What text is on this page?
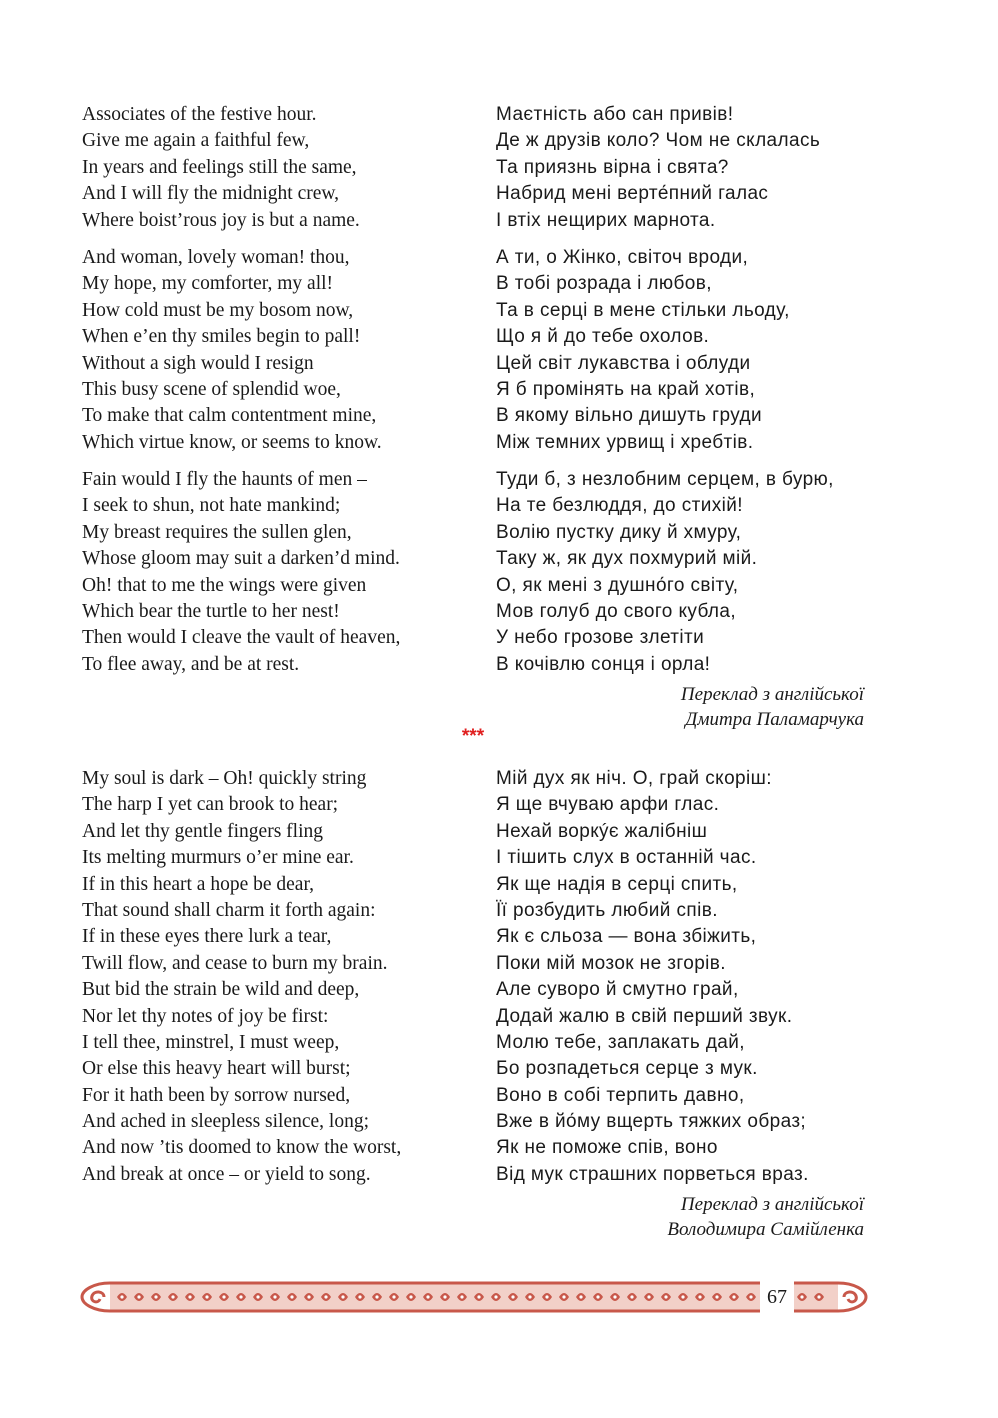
Associates of the festive hour.
Give me again a faithful few,
In years and feelings still the same,
And I will fly the midnight crew,
Where boist’rous joy is but a name.
And woman, lovely woman! thou,
My hope, my comforter, my all!
How cold must be my bosom now,
When e’en thy smiles begin to pall!
Without a sigh would I resign
This busy scene of splendid woe,
To make that calm contentment mine,
Which virtue know, or seems to know.
Fain would I fly the haunts of men –
I seek to shun, not hate mankind;
My breast requires the sullen glen,
Whose gloom may suit a darken’d mind.
Oh! that to me the wings were given
Which bear the turtle to her nest!
Then would I cleave the vault of heaven,
To flee away, and be at rest.
Маєтність або сан привів!
Де ж друзів коло? Чом не склалась
Та приязнь вірна і свята?
Набрид мені верте́пний галас
І втіх нещирих марнота.
А ти, о Жінко, світоч вроди,
В тобі розрада і любов,
Та в серці в мене стільки льоду,
Що я й до тебе охолов.
Цей світ лукавства і облуди
Я б промінять на край хотів,
В якому вільно дишуть груди
Між темних урвищ і хребтів.
Туди б, з незлобним серцем, в бурю,
На те безлюддя, до стихій!
Волію пустку дику й хмуру,
Таку ж, як дух похмурий мій.
О, як мені з душно́го світу,
Мов голуб до свого кубла,
У небо грозове злетіти
В кочівлю сонця і орла!
Переклад з англійської
Дмитра Паламарчука
***
My soul is dark – Oh! quickly string
The harp I yet can brook to hear;
And let thy gentle fingers fling
Its melting murmurs o’er mine ear.
If in this heart a hope be dear,
That sound shall charm it forth again:
If in these eyes there lurk a tear,
Twill flow, and cease to burn my brain.
But bid the strain be wild and deep,
Nor let thy notes of joy be first:
I tell thee, minstrel, I must weep,
Or else this heavy heart will burst;
For it hath been by sorrow nursed,
And ached in sleepless silence, long;
And now ’tis doomed to know the worst,
And break at once – or yield to song.
Мій дух як ніч. О, грай скоріш:
Я ще вчуваю арфи глас.
Нехай воркýє жалібніш
І тішить слух в останній час.
Як ще надія в серці спить,
Її розбудить любий спів.
Як є сльоза — вона збіжить,
Поки мій мозок не згорів.
Але суворо й смутно грай,
Додай жалю в свій перший звук.
Молю тебе, заплакать дай,
Бо розпадеться серце з мук.
Воно в собі терпить давно,
Вже в йо́му вщерть тяжких образ;
Як не поможе спів, воно
Від мук страшних порветься враз.
Переклад з англійської
Володимира Самійленка
67
